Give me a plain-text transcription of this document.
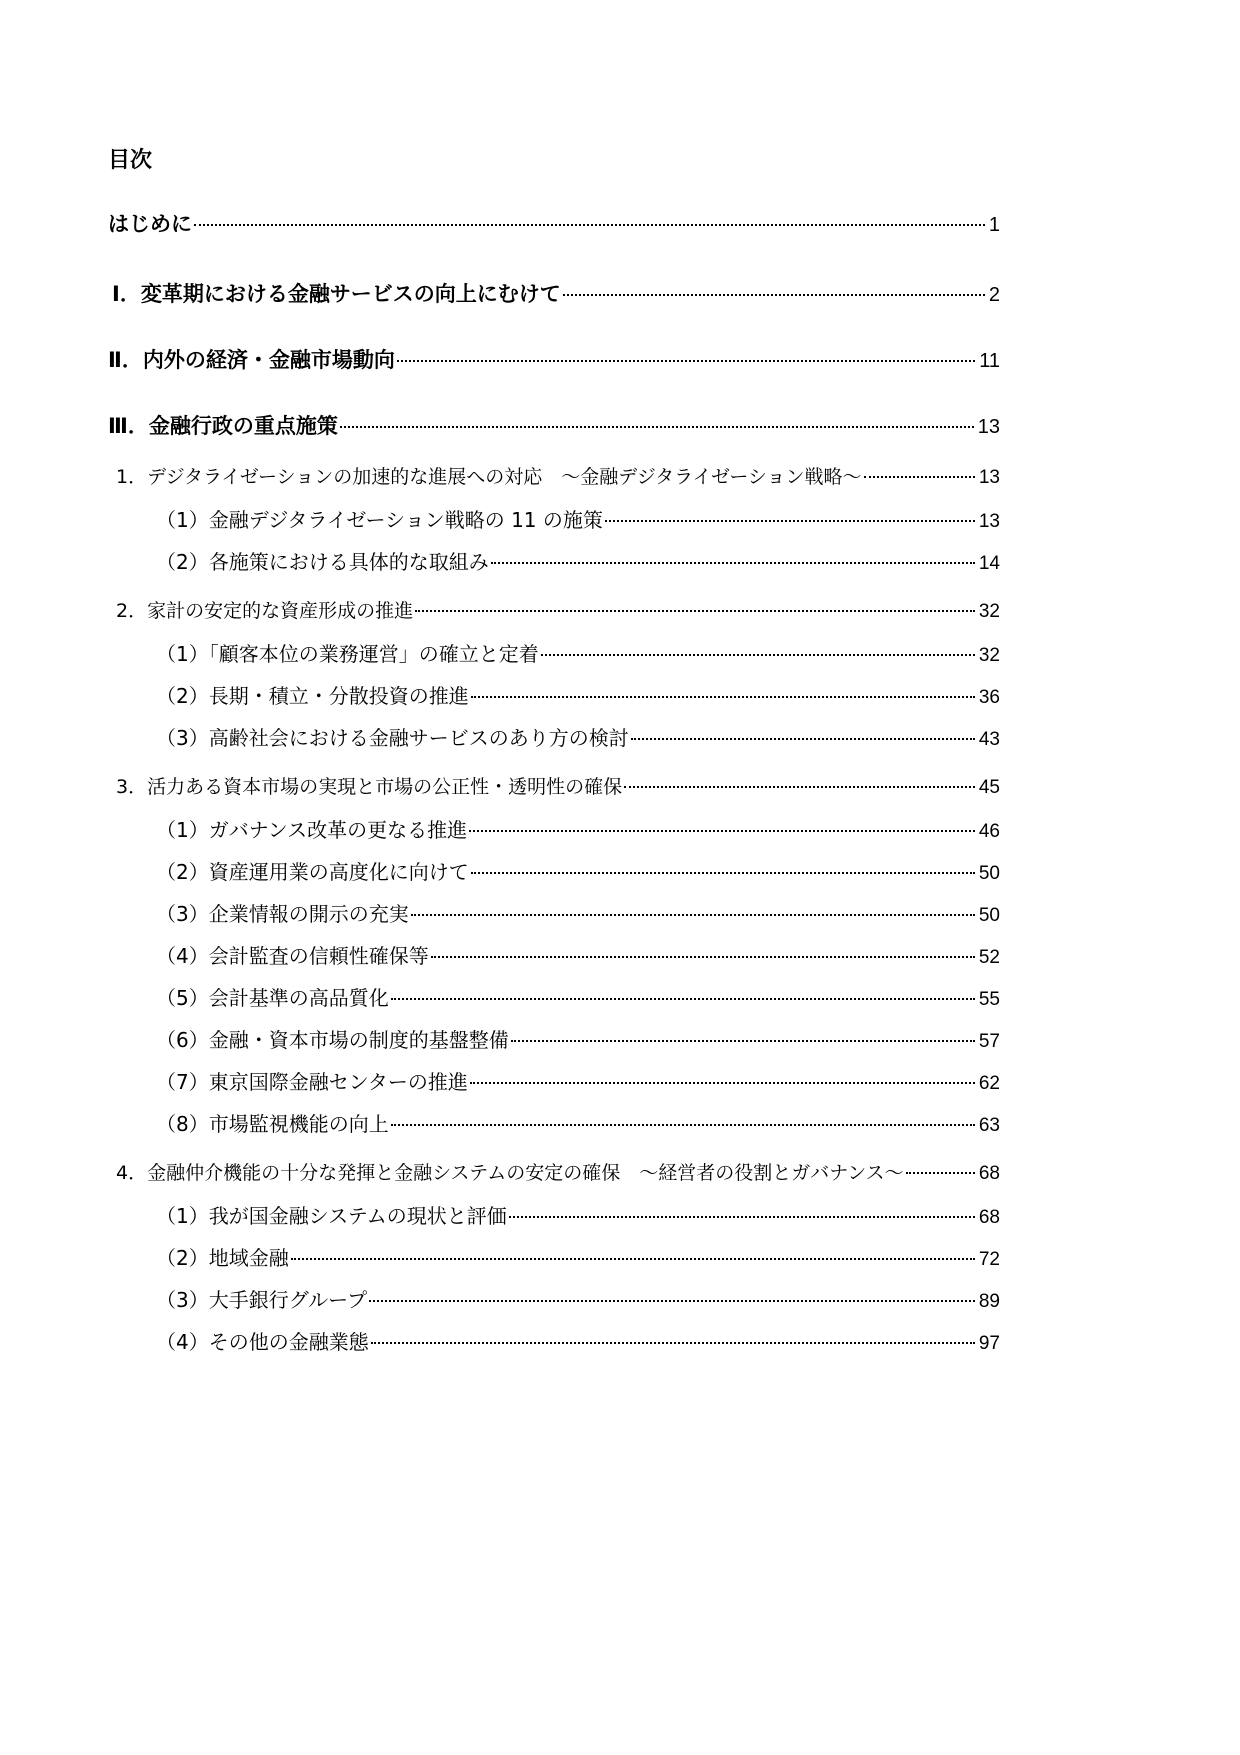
目次
はじめに	1
Ⅰ．変革期における金融サービスの向上にむけて	2
Ⅱ．内外の経済・金融市場動向	11
Ⅲ．金融行政の重点施策	13
1．デジタライゼーションの加速的な進展への対応　～金融デジタライゼーション戦略～	13
（1）金融デジタライゼーション戦略の 11 の施策	13
（2）各施策における具体的な取組み	14
2．家計の安定的な資産形成の推進	32
（1）「顧客本位の業務運営」の確立と定着	32
（2）長期・積立・分散投資の推進	36
（3）高齢社会における金融サービスのあり方の検討	43
3．活力ある資本市場の実現と市場の公正性・透明性の確保	45
（1）ガバナンス改革の更なる推進	46
（2）資産運用業の高度化に向けて	50
（3）企業情報の開示の充実	50
（4）会計監査の信頼性確保等	52
（5）会計基準の高品質化	55
（6）金融・資本市場の制度的基盤整備	57
（7）東京国際金融センターの推進	62
（8）市場監視機能の向上	63
4．金融仲介機能の十分な発揮と金融システムの安定の確保　～経営者の役割とガバナンス～	68
（1）我が国金融システムの現状と評価	68
（2）地域金融	72
（3）大手銀行グループ	89
（4）その他の金融業態	97
